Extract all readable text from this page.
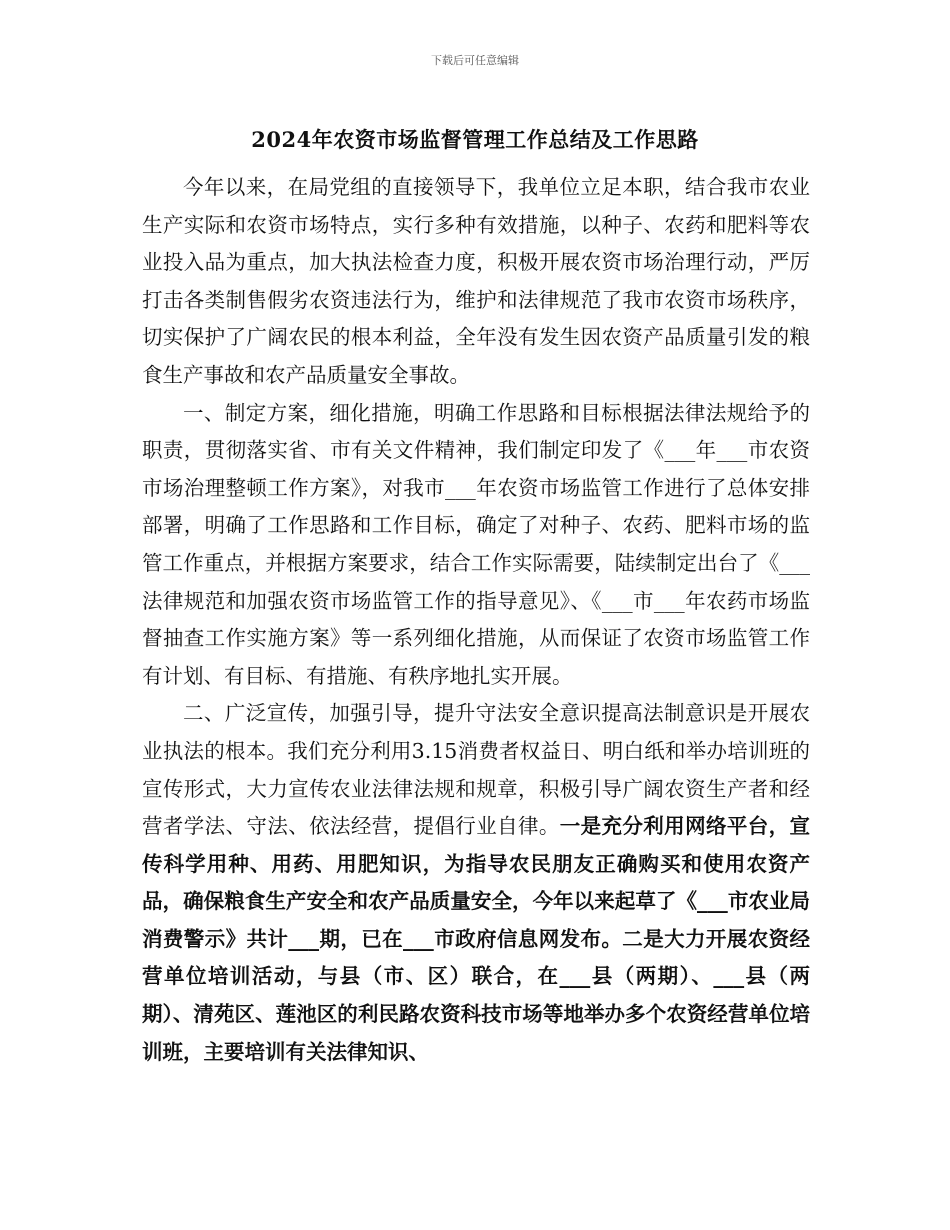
下载后可任意编辑
2024年农资市场监督管理工作总结及工作思路

今年以来，在局党组的直接领导下，我单位立足本职，结合我市农业生产实际和农资市场特点，实行多种有效措施，以种子、农药和肥料等农业投入品为重点，加大执法检查力度，积极开展农资市场治理行动，严厉打击各类制售假劣农资违法行为，维护和法律规范了我市农资市场秩序，切实保护了广阔农民的根本利益，全年没有发生因农资产品质量引发的粮食生产事故和农产品质量安全事故。

一、制定方案，细化措施，明确工作思路和目标根据法律法规给予的职责，贯彻落实省、市有关文件精神，我们制定印发了《___年___市农资市场治理整顿工作方案》，对我市___年农资市场监管工作进行了总体安排部署，明确了工作思路和工作目标，确定了对种子、农药、肥料市场的监管工作重点，并根据方案要求，结合工作实际需要，陆续制定出台了《___法律规范和加强农资市场监管工作的指导意见》、《___市___年农药市场监督抽查工作实施方案》等一系列细化措施，从而保证了农资市场监管工作有计划、有目标、有措施、有秩序地扎实开展。

二、广泛宣传，加强引导，提升守法安全意识提高法制意识是开展农业执法的根本。我们充分利用3.15消费者权益日、明白纸和举办培训班的宣传形式，大力宣传农业法律法规和规章，积极引导广阔农资生产者和经营者学法、守法、依法经营，提倡行业自律。一是充分利用网络平台，宣传科学用种、用药、用肥知识，为指导农民朋友正确购买和使用农资产品，确保粮食生产安全和农产品质量安全，今年以来起草了《___市农业局消费警示》共计___期，已在___市政府信息网发布。二是大力开展农资经营单位培训活动，与县（市、区）联合，在___县（两期）、___县（两期）、清苑区、莲池区的利民路农资科技市场等地举办多个农资经营单位培训班，主要培训有关法律知识、
